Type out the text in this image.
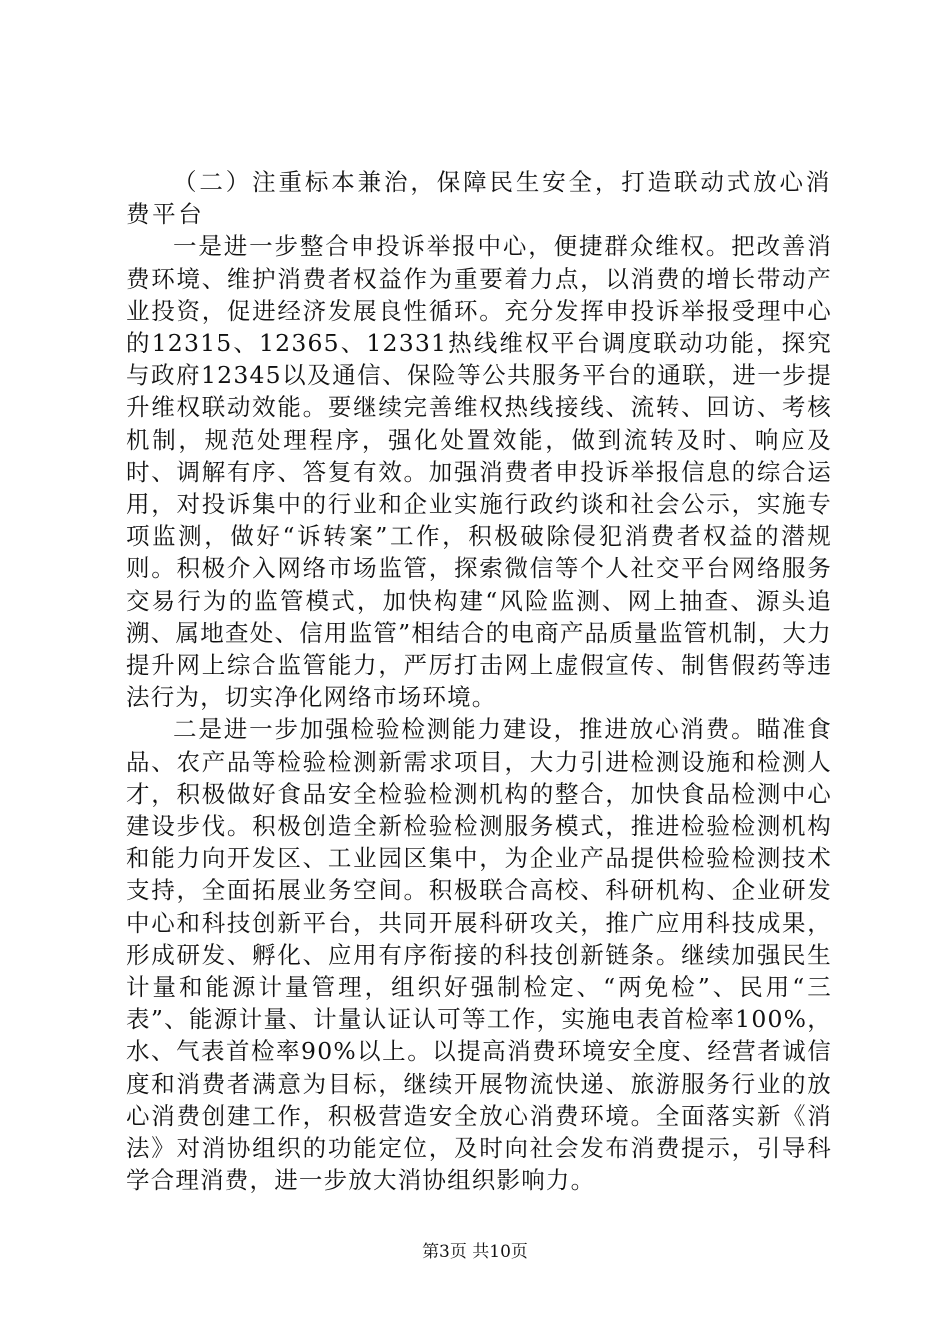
（二）注重标本兼治，保障民生安全，打造联动式放心消费平台

一是进一步整合申投诉举报中心，便捷群众维权。把改善消费环境、维护消费者权益作为重要着力点，以消费的增长带动产业投资，促进经济发展良性循环。充分发挥申投诉举报受理中心的12315、12365、12331热线维权平台调度联动功能，探究与政府12345以及通信、保险等公共服务平台的通联，进一步提升维权联动效能。要继续完善维权热线接线、流转、回访、考核机制，规范处理程序，强化处置效能，做到流转及时、响应及时、调解有序、答复有效。加强消费者申投诉举报信息的综合运用，对投诉集中的行业和企业实施行政约谈和社会公示，实施专项监测，做好“诉转案”工作，积极破除侵犯消费者权益的潜规则。积极介入网络市场监管，探索微信等个人社交平台网络服务交易行为的监管模式，加快构建“风险监测、网上抽查、源头追溯、属地查处、信用监管”相结合的电商产品质量监管机制，大力提升网上综合监管能力，严厉打击网上虚假宣传、制售假药等违法行为，切实净化网络市场环境。

二是进一步加强检验检测能力建设，推进放心消费。瞄准食品、农产品等检验检测新需求项目，大力引进检测设施和检测人才，积极做好食品安全检验检测机构的整合，加快食品检测中心建设步伐。积极创造全新检验检测服务模式，推进检验检测机构和能力向开发区、工业园区集中，为企业产品提供检验检测技术支持，全面拓展业务空间。积极联合高校、科研机构、企业研发中心和科技创新平台，共同开展科研攻关，推广应用科技成果，形成研发、孵化、应用有序衔接的科技创新链条。继续加强民生计量和能源计量管理，组织好强制检定、“两免检”、民用“三表”、能源计量、计量认证认可等工作，实施电表首检率100%，水、气表首检率90%以上。以提高消费环境安全度、经营者诚信度和消费者满意为目标，继续开展物流快递、旅游服务行业的放心消费创建工作，积极营造安全放心消费环境。全面落实新《消法》对消协组织的功能定位，及时向社会发布消费提示，引导科学合理消费，进一步放大消协组织影响力。

第3页 共10页
